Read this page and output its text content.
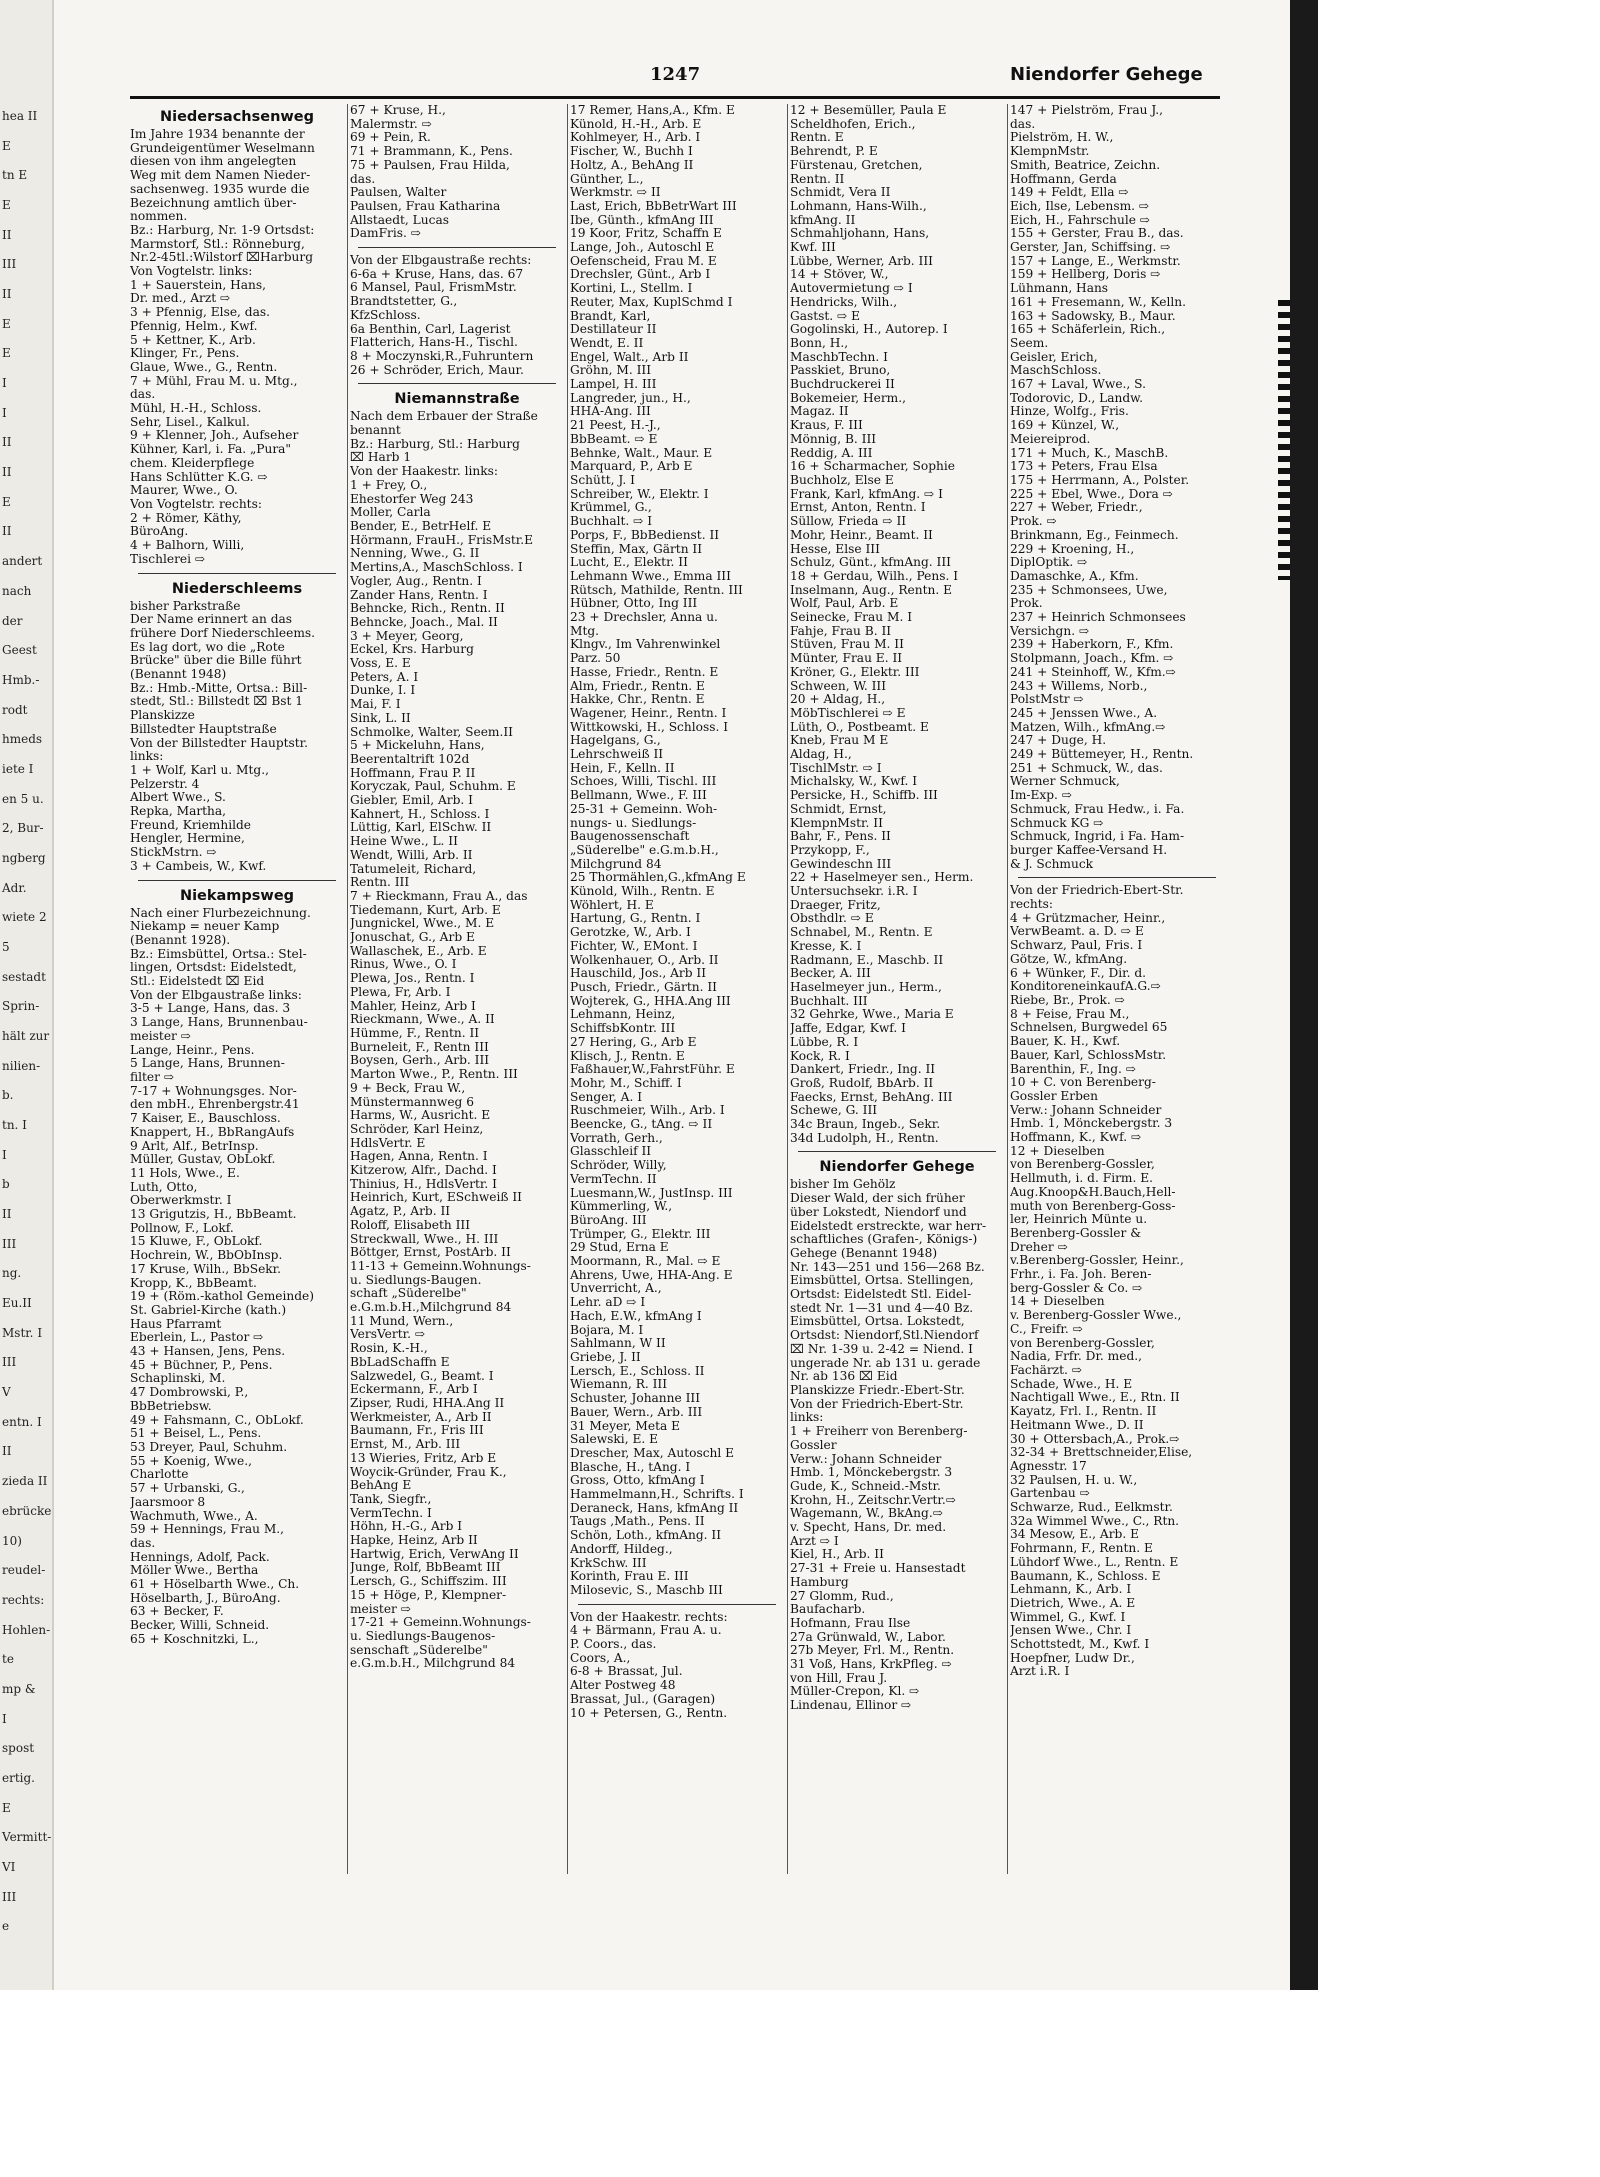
hea II
E
tn E
E
II
III
II
E
E
I
I
II
II
E
II
andert
nach
der
Geest
Hmb.-
rodt
hmeds
iete I
en 5 u.
2, Bur-
ngberg
Adr.
wiete 2
5
sestadt
Sprin-
hält zur
nilien-
b.
tn. I
I
b
II
III
ng.
Eu.II
Mstr. I
III
V
entn. I
II
zieda II
ebrücke
10)
reudel-
rechts:
Hohlen-
te
mp &
I
spost
ertig.
E
Vermitt-
VI
III
e
1247	Niendorfer Gehege
Niedersachsenweg
Im Jahre 1934 benannte der
Grundeigentümer Weselmann
diesen von ihm angelegten
Weg mit dem Namen Nieder-
sachsenweg. 1935 wurde die
Bezeichnung amtlich über-
nommen.
Bz.: Harburg, Nr. 1-9 Ortsdst:
Marmstorf, Stl.: Rönneburg,
Nr.2-45tl.:Wilstorf ⌧Harburg
Von Vogtelstr. links:
1 + Sauerstein, Hans,
Dr. med., Arzt ⇨
3 + Pfennig, Else, das.
Pfennig, Helm., Kwf.
5 + Kettner, K., Arb.
Klinger, Fr., Pens.
Glaue, Wwe., G., Rentn.
7 + Mühl, Frau M. u. Mtg.,
das.
Mühl, H.-H., Schloss.
Sehr, Lisel., Kalkul.
9 + Klenner, Joh., Aufseher
Kühner, Karl, i. Fa. „Pura"
chem. Kleiderpflege
Hans Schlütter K.G. ⇨
Maurer, Wwe., O.
Von Vogtelstr. rechts:
2 + Römer, Käthy,
BüroAng.
4 + Balhorn, Willi,
Tischlerei ⇨
Niederschleems
bisher Parkstraße
Der Name erinnert an das
frühere Dorf Niederschleems.
Es lag dort, wo die „Rote
Brücke" über die Bille führt
(Benannt 1948)
Bz.: Hmb.-Mitte, Ortsa.: Bill-
stedt, Stl.: Billstedt ⌧ Bst 1
Planskizze
Billstedter Hauptstraße
Von der Billstedter Hauptstr.
links:
1 + Wolf, Karl u. Mtg.,
Pelzerstr. 4
Albert Wwe., S.
Repka, Martha,
Freund, Kriemhilde
Hengler, Hermine,
StickMstrn. ⇨
3 + Cambeis, W., Kwf.
Niekampsweg
Nach einer Flurbezeichnung.
Niekamp = neuer Kamp
(Benannt 1928).
Bz.: Eimsbüttel, Ortsa.: Stel-
lingen, Ortsdst: Eidelstedt,
Stl.: Eidelstedt ⌧ Eid
Von der Elbgaustraße links:
3-5 + Lange, Hans, das. 3
3 Lange, Hans, Brunnenbau-
meister ⇨
Lange, Heinr., Pens.
5 Lange, Hans, Brunnen-
filter ⇨
7-17 + Wohnungsges. Nor-
den mbH., Ehrenbergstr.41
7 Kaiser, E., Bauschloss.
Knappert, H., BbRangAufs
9 Arlt, Alf., BetrInsp.
Müller, Gustav, ObLokf.
11 Hols, Wwe., E.
Luth, Otto,
Oberwerkmstr. I
13 Grigutzis, H., BbBeamt.
Pollnow, F., Lokf.
15 Kluwe, F., ObLokf.
Hochrein, W., BbObInsp.
17 Kruse, Wilh., BbSekr.
Kropp, K., BbBeamt.
19 + (Röm.-kathol Gemeinde)
St. Gabriel-Kirche (kath.)
Haus Pfarramt
Eberlein, L., Pastor ⇨
43 + Hansen, Jens, Pens.
45 + Büchner, P., Pens.
Schaplinski, M.
47 Dombrowski, P.,
BbBetriebsw.
49 + Fahsmann, C., ObLokf.
51 + Beisel, L., Pens.
53 Dreyer, Paul, Schuhm.
55 + Koenig, Wwe.,
Charlotte
57 + Urbanski, G.,
Jaarsmoor 8
Wachmuth, Wwe., A.
59 + Hennings, Frau M.,
das.
Hennings, Adolf, Pack.
Möller Wwe., Bertha
61 + Höselbarth Wwe., Ch.
Höselbarth, J., BüroAng.
63 + Becker, F.
Becker, Willi, Schneid.
65 + Koschnitzki, L.,
67 + Kruse, H.,
Malermstr. ⇨
69 + Pein, R.
71 + Brammann, K., Pens.
75 + Paulsen, Frau Hilda,
das.
Paulsen, Walter
Paulsen, Frau Katharina
Allstaedt, Lucas
DamFris. ⇨
Von der Elbgaustraße rechts:
6-6a + Kruse, Hans, das. 67
6 Mansel, Paul, FrismMstr.
Brandtstetter, G.,
KfzSchloss.
6a Benthin, Carl, Lagerist
Flatterich, Hans-H., Tischl.
8 + Moczynski,R.,Fuhruntern
26 + Schröder, Erich, Maur.
Niemannstraße
Nach dem Erbauer der Straße
benannt
Bz.: Harburg, Stl.: Harburg
⌧ Harb 1
Von der Haakestr. links:
1 + Frey, O.,
Ehestorfer Weg 243
Moller, Carla
Bender, E., BetrHelf. E
Hörmann, FrauH., FrisMstr.E
Nenning, Wwe., G. II
Mertins,A., MaschSchloss. I
Vogler, Aug., Rentn. I
Zander Hans, Rentn. I
Behncke, Rich., Rentn. II
Behncke, Joach., Mal. II
3 + Meyer, Georg,
Eckel, Krs. Harburg
Voss, E. E
Peters, A. I
Dunke, I. I
Mai, F. I
Sink, L. II
Schmolke, Walter, Seem.II
5 + Mickeluhn, Hans,
Beerentaltrift 102d
Hoffmann, Frau P. II
Koryczak, Paul, Schuhm. E
Giebler, Emil, Arb. I
Kahnert, H., Schloss. I
Lüttig, Karl, ElSchw. II
Heine Wwe., L. II
Wendt, Willi, Arb. II
Tatumeleit, Richard,
Rentn. III
7 + Rieckmann, Frau A., das
Tiedemann, Kurt, Arb. E
Jungnickel, Wwe., M. E
Jonuschat, G., Arb E
Wallaschek, E., Arb. E
Rinus, Wwe., O. I
Plewa, Jos., Rentn. I
Plewa, Fr, Arb. I
Mahler, Heinz, Arb I
Rieckmann, Wwe., A. II
Hümme, F., Rentn. II
Burneleit, F., Rentn III
Boysen, Gerh., Arb. III
Marton Wwe., P., Rentn. III
9 + Beck, Frau W.,
Münstermannweg 6
Harms, W., Ausricht. E
Schröder, Karl Heinz,
HdlsVertr. E
Hagen, Anna, Rentn. I
Kitzerow, Alfr., Dachd. I
Thinius, H., HdlsVertr. I
Heinrich, Kurt, ESchweiß II
Agatz, P., Arb. II
Roloff, Elisabeth III
Streckwall, Wwe., H. III
Böttger, Ernst, PostArb. II
11-13 + Gemeinn.Wohnungs-
u. Siedlungs-Baugen.
schaft „Süderelbe"
e.G.m.b.H.,Milchgrund 84
11 Mund, Wern.,
VersVertr. ⇨
Rosin, K.-H.,
BbLadSchaffn E
Salzwedel, G., Beamt. I
Eckermann, F., Arb I
Zipser, Rudi, HHA.Ang II
Werkmeister, A., Arb II
Baumann, Fr., Fris III
Ernst, M., Arb. III
13 Wieries, Fritz, Arb E
Woycik-Gründer, Frau K.,
BehAng E
Tank, Siegfr.,
VermTechn. I
Höhn, H.-G., Arb I
Hapke, Heinz, Arb II
Hartwig, Erich, VerwAng II
Junge, Rolf, BbBeamt III
Lersch, G., Schiffszim. III
15 + Höge, P., Klempner-
meister ⇨
17-21 + Gemeinn.Wohnungs-
u. Siedlungs-Baugenos-
senschaft „Süderelbe"
e.G.m.b.H., Milchgrund 84
17 Remer, Hans,A., Kfm. E
Künold, H.-H., Arb. E
Kohlmeyer, H., Arb. I
Fischer, W., Buchh I
Holtz, A., BehAng II
Günther, L.,
Werkmstr. ⇨ II
Last, Erich, BbBetrWart III
Ibe, Günth., kfmAng III
19 Koor, Fritz, Schaffn E
Lange, Joh., Autoschl E
Oefenscheid, Frau M. E
Drechsler, Günt., Arb I
Kortini, L., Stellm. I
Reuter, Max, KuplSchmd I
Brandt, Karl,
Destillateur II
Wendt, E. II
Engel, Walt., Arb II
Gröhn, M. III
Lampel, H. III
Langreder, jun., H.,
HHA-Ang. III
21 Peest, H.-J.,
BbBeamt. ⇨ E
Behnke, Walt., Maur. E
Marquard, P., Arb E
Schütt, J. I
Schreiber, W., Elektr. I
Krümmel, G.,
Buchhalt. ⇨ I
Porps, F., BbBedienst. II
Steffin, Max, Gärtn II
Lucht, E., Elektr. II
Lehmann Wwe., Emma III
Rütsch, Mathilde, Rentn. III
Hübner, Otto, Ing III
23 + Drechsler, Anna u.
Mtg.
Klngv., Im Vahrenwinkel
Parz. 50
Hasse, Friedr., Rentn. E
Alm, Friedr., Rentn. E
Hakke, Chr., Rentn. E
Wagener, Heinr., Rentn. I
Wittkowski, H., Schloss. I
Hagelgans, G.,
Lehrschweiß II
Hein, F., Kelln. II
Schoes, Willi, Tischl. III
Bellmann, Wwe., F. III
25-31 + Gemeinn. Woh-
nungs- u. Siedlungs-
Baugenossenschaft
„Süderelbe" e.G.m.b.H.,
Milchgrund 84
25 Thormählen,G.,kfmAng E
Künold, Wilh., Rentn. E
Wöhlert, H. E
Hartung, G., Rentn. I
Gerotzke, W., Arb. I
Fichter, W., EMont. I
Wolkenhauer, O., Arb. II
Hauschild, Jos., Arb II
Pusch, Friedr., Gärtn. II
Wojterek, G., HHA.Ang III
Lehmann, Heinz,
SchiffsbKontr. III
27 Hering, G., Arb E
Klisch, J., Rentn. E
Faßhauer,W.,FahrstFühr. E
Mohr, M., Schiff. I
Senger, A. I
Ruschmeier, Wilh., Arb. I
Beencke, G., tAng. ⇨ II
Vorrath, Gerh.,
Glasschleif II
Schröder, Willy,
VermTechn. II
Luesmann,W., JustInsp. III
Kümmerling, W.,
BüroAng. III
Trümper, G., Elektr. III
29 Stud, Erna E
Moormann, R., Mal. ⇨ E
Ahrens, Uwe, HHA-Ang. E
Unverricht, A.,
Lehr. aD ⇨ I
Hach, E.W., kfmAng I
Bojara, M. I
Sahlmann, W II
Griebe, J. II
Lersch, E., Schloss. II
Wiemann, R. III
Schuster, Johanne III
Bauer, Wern., Arb. III
31 Meyer, Meta E
Salewski, E. E
Drescher, Max, Autoschl E
Blasche, H., tAng. I
Gross, Otto, kfmAng I
Hammelmann,H., Schrifts. I
Deraneck, Hans, kfmAng II
Taugs ,Math., Pens. II
Schön, Loth., kfmAng. II
Andorff, Hildeg.,
KrkSchw. III
Korinth, Frau E. III
Milosevic, S., Maschb III
Von der Haakestr. rechts:
4 + Bärmann, Frau A. u.
P. Coors., das.
Coors, A.,
6-8 + Brassat, Jul.
Alter Postweg 48
Brassat, Jul., (Garagen)
10 + Petersen, G., Rentn.
12 + Besemüller, Paula E
Scheldhofen, Erich.,
Rentn. E
Behrendt, P. E
Fürstenau, Gretchen,
Rentn. II
Schmidt, Vera II
Lohmann, Hans-Wilh.,
kfmAng. II
Schmahljohann, Hans,
Kwf. III
Lübbe, Werner, Arb. III
14 + Stöver, W.,
Autovermietung ⇨ I
Hendricks, Wilh.,
Gastst. ⇨ E
Gogolinski, H., Autorep. I
Bonn, H.,
MaschbTechn. I
Passkiet, Bruno,
Buchdruckerei II
Bokemeier, Herm.,
Magaz. II
Kraus, F. III
Mönnig, B. III
Reddig, A. III
16 + Scharmacher, Sophie
Buchholz, Else E
Frank, Karl, kfmAng. ⇨ I
Ernst, Anton, Rentn. I
Süllow, Frieda ⇨ II
Mohr, Heinr., Beamt. II
Hesse, Else III
Schulz, Günt., kfmAng. III
18 + Gerdau, Wilh., Pens. I
Inselmann, Aug., Rentn. E
Wolf, Paul, Arb. E
Seinecke, Frau M. I
Fahje, Frau B. II
Stüven, Frau M. II
Münter, Frau E. II
Kröner, G., Elektr. III
Schween, W. III
20 + Aldag, H.,
MöbTischlerei ⇨ E
Lüth, O., Postbeamt. E
Kneb, Frau M E
Aldag, H.,
TischlMstr. ⇨ I
Michalsky, W., Kwf. I
Persicke, H., Schiffb. III
Schmidt, Ernst,
KlempnMstr. II
Bahr, F., Pens. II
Przykopp, F.,
Gewindeschn III
22 + Haselmeyer sen., Herm.
Untersuchsekr. i.R. I
Draeger, Fritz,
Obsthdlr. ⇨ E
Schnabel, M., Rentn. E
Kresse, K. I
Radmann, E., Maschb. II
Becker, A. III
Haselmeyer jun., Herm.,
Buchhalt. III
32 Gehrke, Wwe., Maria E
Jaffe, Edgar, Kwf. I
Lübbe, R. I
Kock, R. I
Dankert, Friedr., Ing. II
Groß, Rudolf, BbArb. II
Faecks, Ernst, BehAng. III
Schewe, G. III
34c Braun, Ingeb., Sekr.
34d Ludolph, H., Rentn.
Niendorfer Gehege
bisher Im Gehölz
Dieser Wald, der sich früher
über Lokstedt, Niendorf und
Eidelstedt erstreckte, war herr-
schaftliches (Grafen-, Königs-)
Gehege (Benannt 1948)
Nr. 143—251 und 156—268 Bz.
Eimsbüttel, Ortsa. Stellingen,
Ortsdst: Eidelstedt Stl. Eidel-
stedt Nr. 1—31 und 4—40 Bz.
Eimsbüttel, Ortsa. Lokstedt,
Ortsdst: Niendorf,Stl.Niendorf
⌧ Nr. 1-39 u. 2-42 = Niend. I
ungerade Nr. ab 131 u. gerade
Nr. ab 136 ⌧ Eid
Planskizze Friedr.-Ebert-Str.
Von der Friedrich-Ebert-Str.
links:
1 + Freiherr von Berenberg-
Gossler
Verw.: Johann Schneider
Hmb. 1, Mönckebergstr. 3
Gude, K., Schneid.-Mstr.
Krohn, H., Zeitschr.Vertr.⇨
Wagemann, W., BkAng.⇨
v. Specht, Hans, Dr. med.
Arzt ⇨ I
Kiel, H., Arb. II
27-31 + Freie u. Hansestadt
Hamburg
27 Glomm, Rud.,
Baufacharb.
Hofmann, Frau Ilse
27a Grünwald, W., Labor.
27b Meyer, Frl. M., Rentn.
31 Voß, Hans, KrkPfleg. ⇨
von Hill, Frau J.
Müller-Crepon, Kl. ⇨
Lindenau, Ellinor ⇨
147 + Pielström, Frau J.,
das.
Pielström, H. W.,
KlempnMstr.
Smith, Beatrice, Zeichn.
Hoffmann, Gerda
149 + Feldt, Ella ⇨
Eich, Ilse, Lebensm. ⇨
Eich, H., Fahrschule ⇨
155 + Gerster, Frau B., das.
Gerster, Jan, Schiffsing. ⇨
157 + Lange, E., Werkmstr.
159 + Hellberg, Doris ⇨
Lühmann, Hans
161 + Fresemann, W., Kelln.
163 + Sadowsky, B., Maur.
165 + Schäferlein, Rich.,
Seem.
Geisler, Erich,
MaschSchloss.
167 + Laval, Wwe., S.
Todorovic, D., Landw.
Hinze, Wolfg., Fris.
169 + Künzel, W.,
Meiereiprod.
171 + Much, K., MaschB.
173 + Peters, Frau Elsa
175 + Herrmann, A., Polster.
225 + Ebel, Wwe., Dora ⇨
227 + Weber, Friedr.,
Prok. ⇨
Brinkmann, Eg., Feinmech.
229 + Kroening, H.,
DiplOptik. ⇨
Damaschke, A., Kfm.
235 + Schmonsees, Uwe,
Prok.
237 + Heinrich Schmonsees
Versichgn. ⇨
239 + Haberkorn, F., Kfm.
Stolpmann, Joach., Kfm. ⇨
241 + Steinhoff, W., Kfm.⇨
243 + Willems, Norb.,
PolstMstr ⇨
245 + Jenssen Wwe., A.
Matzen, Wilh., kfmAng.⇨
247 + Duge, H.
249 + Büttemeyer, H., Rentn.
251 + Schmuck, W., das.
Werner Schmuck,
Im-Exp. ⇨
Schmuck, Frau Hedw., i. Fa.
Schmuck KG ⇨
Schmuck, Ingrid, i Fa. Ham-
burger Kaffee-Versand H.
& J. Schmuck
Von der Friedrich-Ebert-Str.
rechts:
4 + Grützmacher, Heinr.,
VerwBeamt. a. D. ⇨ E
Schwarz, Paul, Fris. I
Götze, W., kfmAng.
6 + Wünker, F., Dir. d.
KonditoreneinkaufA.G.⇨
Riebe, Br., Prok. ⇨
8 + Feise, Frau M.,
Schnelsen, Burgwedel 65
Bauer, K. H., Kwf.
Bauer, Karl, SchlossMstr.
Barenthin, F., Ing. ⇨
10 + C. von Berenberg-
Gossler Erben
Verw.: Johann Schneider
Hmb. 1, Mönckebergstr. 3
Hoffmann, K., Kwf. ⇨
12 + Dieselben
von Berenberg-Gossler,
Hellmuth, i. d. Firm. E.
Aug.Knoop&H.Bauch,Hell-
muth von Berenberg-Goss-
ler, Heinrich Münte u.
Berenberg-Gossler &
Dreher ⇨
v.Berenberg-Gossler, Heinr.,
Frhr., i. Fa. Joh. Beren-
berg-Gossler & Co. ⇨
14 + Dieselben
v. Berenberg-Gossler Wwe.,
C., Freifr. ⇨
von Berenberg-Gossler,
Nadia, Frfr. Dr. med.,
Fachärzt. ⇨
Schade, Wwe., H. E
Nachtigall Wwe., E., Rtn. II
Kayatz, Frl. I., Rentn. II
Heitmann Wwe., D. II
30 + Ottersbach,A., Prok.⇨
32-34 + Brettschneider,Elise,
Agnesstr. 17
32 Paulsen, H. u. W.,
Gartenbau ⇨
Schwarze, Rud., Eelkmstr.
32a Wimmel Wwe., C., Rtn.
34 Mesow, E., Arb. E
Fohrmann, F., Rentn. E
Lühdorf Wwe., L., Rentn. E
Baumann, K., Schloss. E
Lehmann, K., Arb. I
Dietrich, Wwe., A. E
Wimmel, G., Kwf. I
Jensen Wwe., Chr. I
Schottstedt, M., Kwf. I
Hoepfner, Ludw Dr.,
Arzt i.R. I
